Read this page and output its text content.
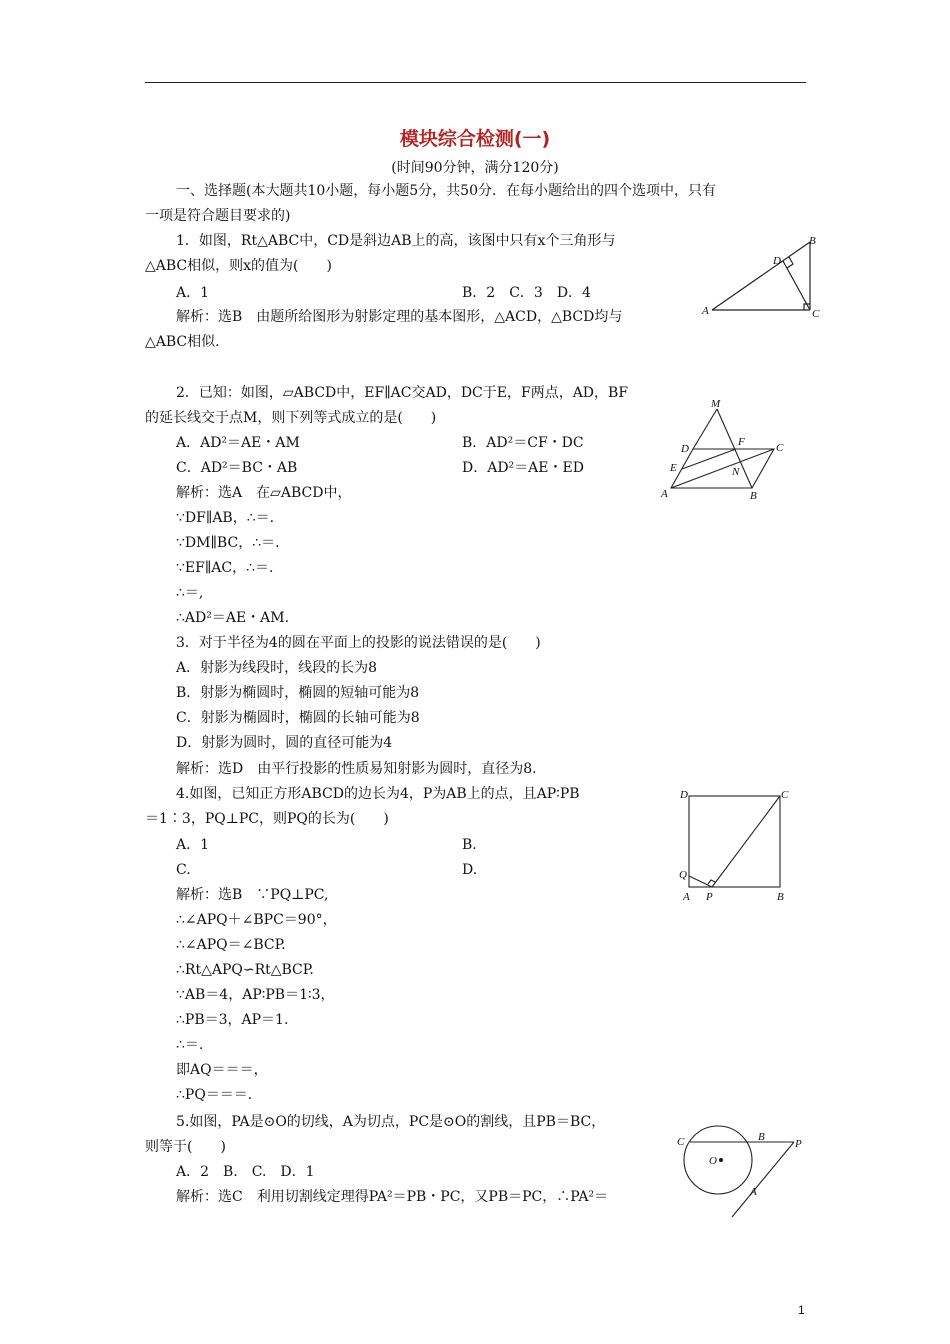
模块综合检测(一)
(时间90分钟，满分120分)
一、选择题(本大题共10小题，每小题5分，共50分．在每小题给出的四个选项中，只有
一项是符合题目要求的)
1．如图，Rt△ABC中，CD是斜边AB上的高，该图中只有x个三角形与
△ABC相似，则x的值为(　　)
A．1	B．2　C．3　D．4
解析：选B　由题所给图形为射影定理的基本图形，△ACD，△BCD均与
△ABC相似.
A
B
C
D
2．已知：如图，▱ABCD中，EF∥AC交AD，DC于E，F两点，AD，BF
的延长线交于点M，则下列等式成立的是(　　)
A．AD²＝AE・AM	B．AD²＝CF・DC
C．AD²＝BC・AB	D．AD²＝AE・ED
解析：选A　在▱ABCD中，
∵DF∥AB，∴＝.
∵DM∥BC，∴＝.
∵EF∥AC，∴＝.
∴＝,
∴AD²＝AE・AM.
A	B
C
D
E
F
M
N
3．对于半径为4的圆在平面上的投影的说法错误的是(　　)
A．射影为线段时，线段的长为8
B．射影为椭圆时，椭圆的短轴可能为8
C．射影为椭圆时，椭圆的长轴可能为8
D．射影为圆时，圆的直径可能为4
解析：选D　由平行投影的性质易知射影为圆时，直径为8.
4.如图，已知正方形ABCD的边长为4，P为AB上的点，且AP∶PB
＝1∶3，PQ⊥PC，则PQ的长为(　　)
A．1	B.
C.	D.
解析：选B　∵PQ⊥PC,
∴∠APQ＋∠BPC＝90°，
∴∠APQ＝∠BCP.
∴Rt△APQ∽Rt△BCP.
∵AB＝4，AP∶PB＝1∶3，
∴PB＝3，AP＝1.
∴＝.
即AQ＝＝＝，
∴PQ＝＝＝.
D	C
Q
A P	B
5.如图，PA是⊙O的切线，A为切点，PC是⊙O的割线，且PB＝BC，
则等于(　　)
A．2　B.　C.　D．1
解析：选C　利用切割线定理得PA²＝PB・PC，又PB＝PC，∴PA²＝
C	B
P
O
A
1
